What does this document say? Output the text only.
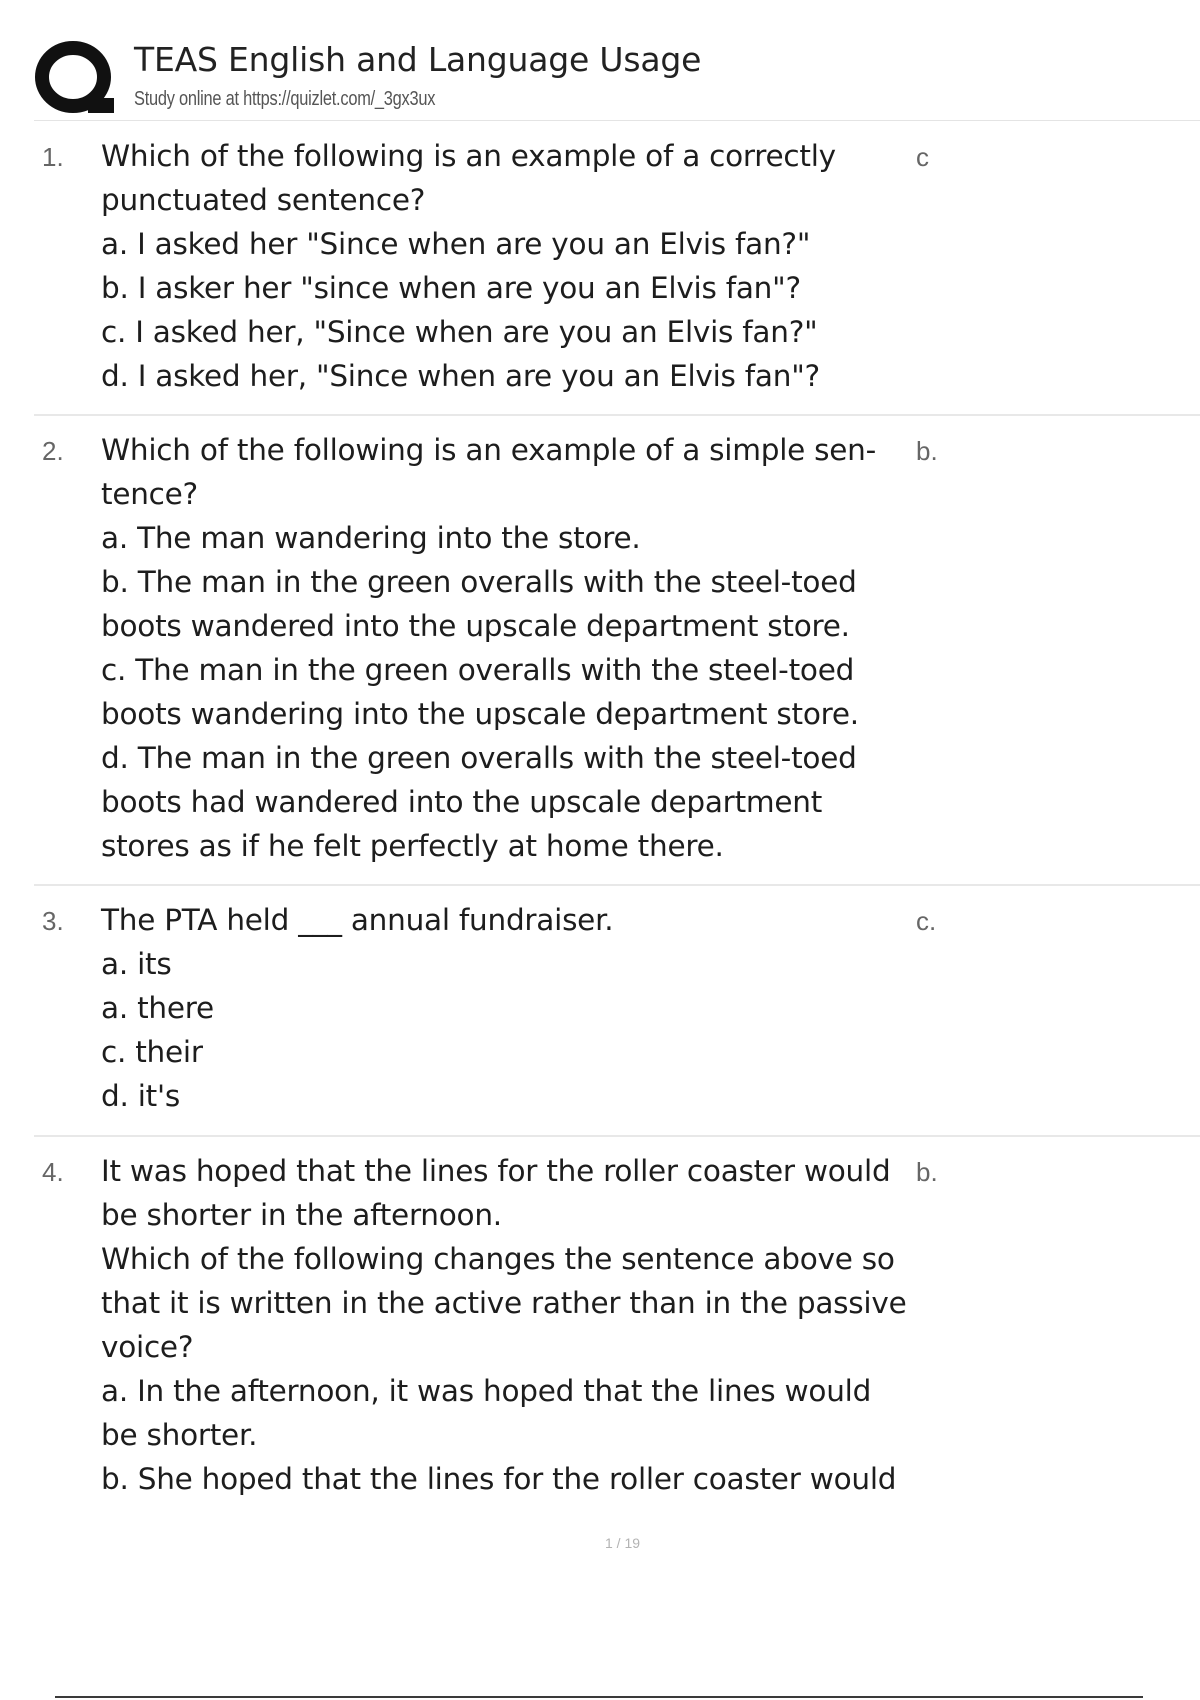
TEAS English and Language Usage
Study online at https://quizlet.com/_3gx3ux
1. Which of the following is an example of a correctly
punctuated sentence?
a. I asked her "Since when are you an Elvis fan?"
b. I asker her "since when are you an Elvis fan"?
c. I asked her, "Since when are you an Elvis fan?"
d. I asked her, "Since when are you an Elvis fan"?
c
2. Which of the following is an example of a simple sen-
tence?
a. The man wandering into the store.
b. The man in the green overalls with the steel-toed
boots wandered into the upscale department store.
c. The man in the green overalls with the steel-toed
boots wandering into the upscale department store.
d. The man in the green overalls with the steel-toed
boots had wandered into the upscale department
stores as if he felt perfectly at home there.
b.
3. The PTA held ___ annual fundraiser.
a. its
a. there
c. their
d. it's
c.
4. It was hoped that the lines for the roller coaster would
be shorter in the afternoon.
Which of the following changes the sentence above so
that it is written in the active rather than in the passive
voice?
a. In the afternoon, it was hoped that the lines would
be shorter.
b. She hoped that the lines for the roller coaster would
b.
1 / 19
